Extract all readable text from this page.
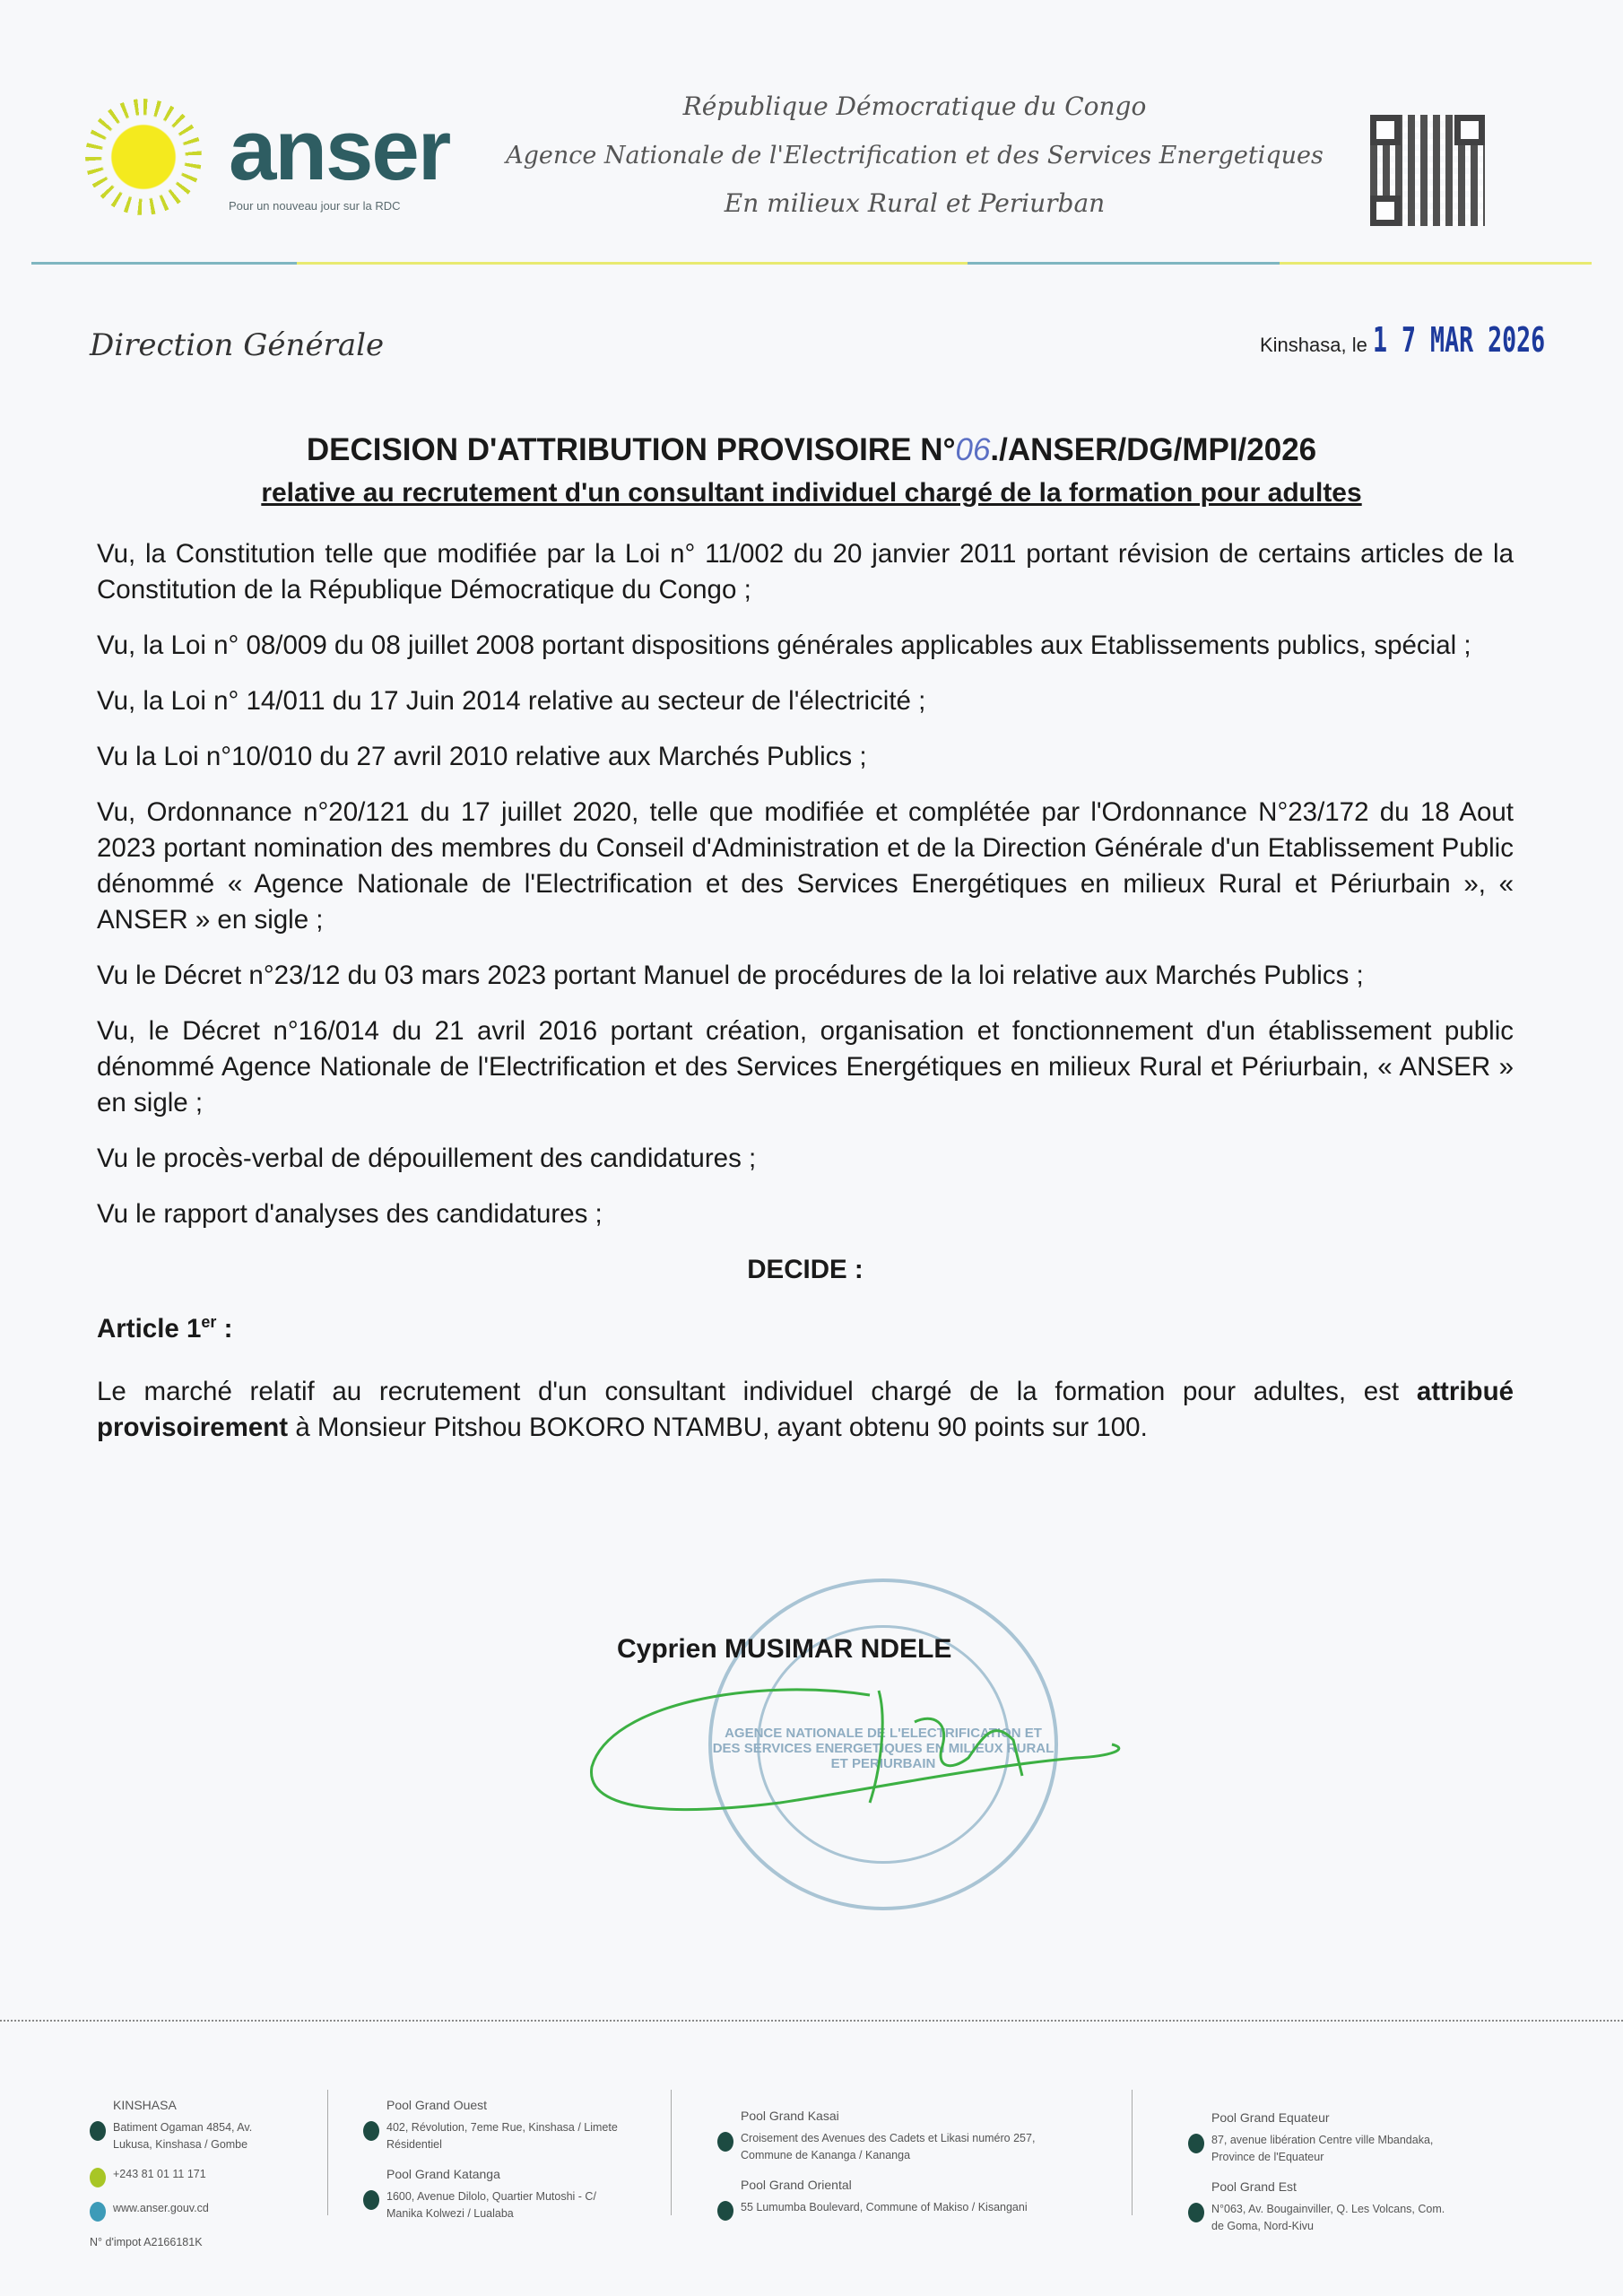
anser
Pour un nouveau jour sur la RDC
République Démocratique du Congo
Agence Nationale de l'Electrification et des Services Energetiques
En milieux Rural et Periurban
Direction Générale	Kinshasa, le 1 7 MAR 2026
DECISION D'ATTRIBUTION PROVISOIRE N°06./ANSER/DG/MPI/2026
relative au recrutement d'un consultant individuel chargé de la formation pour adultes

Vu, la Constitution telle que modifiée par la Loi n° 11/002 du 20 janvier 2011 portant révision de certains articles de la Constitution de la République Démocratique du Congo ;

Vu, la Loi n° 08/009 du 08 juillet 2008 portant dispositions générales applicables aux Etablissements publics, spécial ;

Vu, la Loi n° 14/011 du 17 Juin 2014 relative au secteur de l'électricité ;

Vu la Loi n°10/010 du 27 avril 2010 relative aux Marchés Publics ;

Vu, Ordonnance n°20/121 du 17 juillet 2020, telle que modifiée et complétée par l'Ordonnance N°23/172 du 18 Aout 2023 portant nomination des membres du Conseil d'Administration et de la Direction Générale d'un Etablissement Public dénommé « Agence Nationale de l'Electrification et des Services Energétiques en milieux Rural et Périurbain », « ANSER » en sigle ;

Vu le Décret n°23/12 du 03 mars 2023 portant Manuel de procédures de la loi relative aux Marchés Publics ;

Vu, le Décret n°16/014 du 21 avril 2016 portant création, organisation et fonctionnement d'un établissement public dénommé Agence Nationale de l'Electrification et des Services Energétiques en milieux Rural et Périurbain, « ANSER » en sigle ;

Vu le procès-verbal de dépouillement des candidatures ;

Vu le rapport d'analyses des candidatures ;

DECIDE :
Article 1er :

Le marché relatif au recrutement d'un consultant individuel chargé de la formation pour adultes, est attribué provisoirement à Monsieur Pitshou BOKORO NTAMBU, ayant obtenu 90 points sur 100.

AGENCE NATIONALE DE L'ELECTRIFICATION ET DES SERVICES ENERGETIQUES EN MILIEUX RURAL ET PERIURBAIN
Cyprien MUSIMAR NDELE
KINSHASA
Batiment Ogaman 4854, Av. Lukusa, Kinshasa / Gombe
+243 81 01 11 171
www.anser.gouv.cd
N° d'impot A2166181K
Pool Grand Ouest
402, Révolution, 7eme Rue, Kinshasa / Limete Résidentiel
Pool Grand Katanga
1600, Avenue Dilolo, Quartier Mutoshi - C/ Manika Kolwezi / Lualaba
Pool Grand Kasai
Croisement des Avenues des Cadets et Likasi numéro 257, Commune de Kananga / Kananga
Pool Grand Oriental
55 Lumumba Boulevard, Commune of Makiso / Kisangani
Pool Grand Equateur
87, avenue libération Centre ville Mbandaka, Province de l'Equateur
Pool Grand Est
N°063, Av. Bougainviller, Q. Les Volcans, Com. de Goma, Nord-Kivu
